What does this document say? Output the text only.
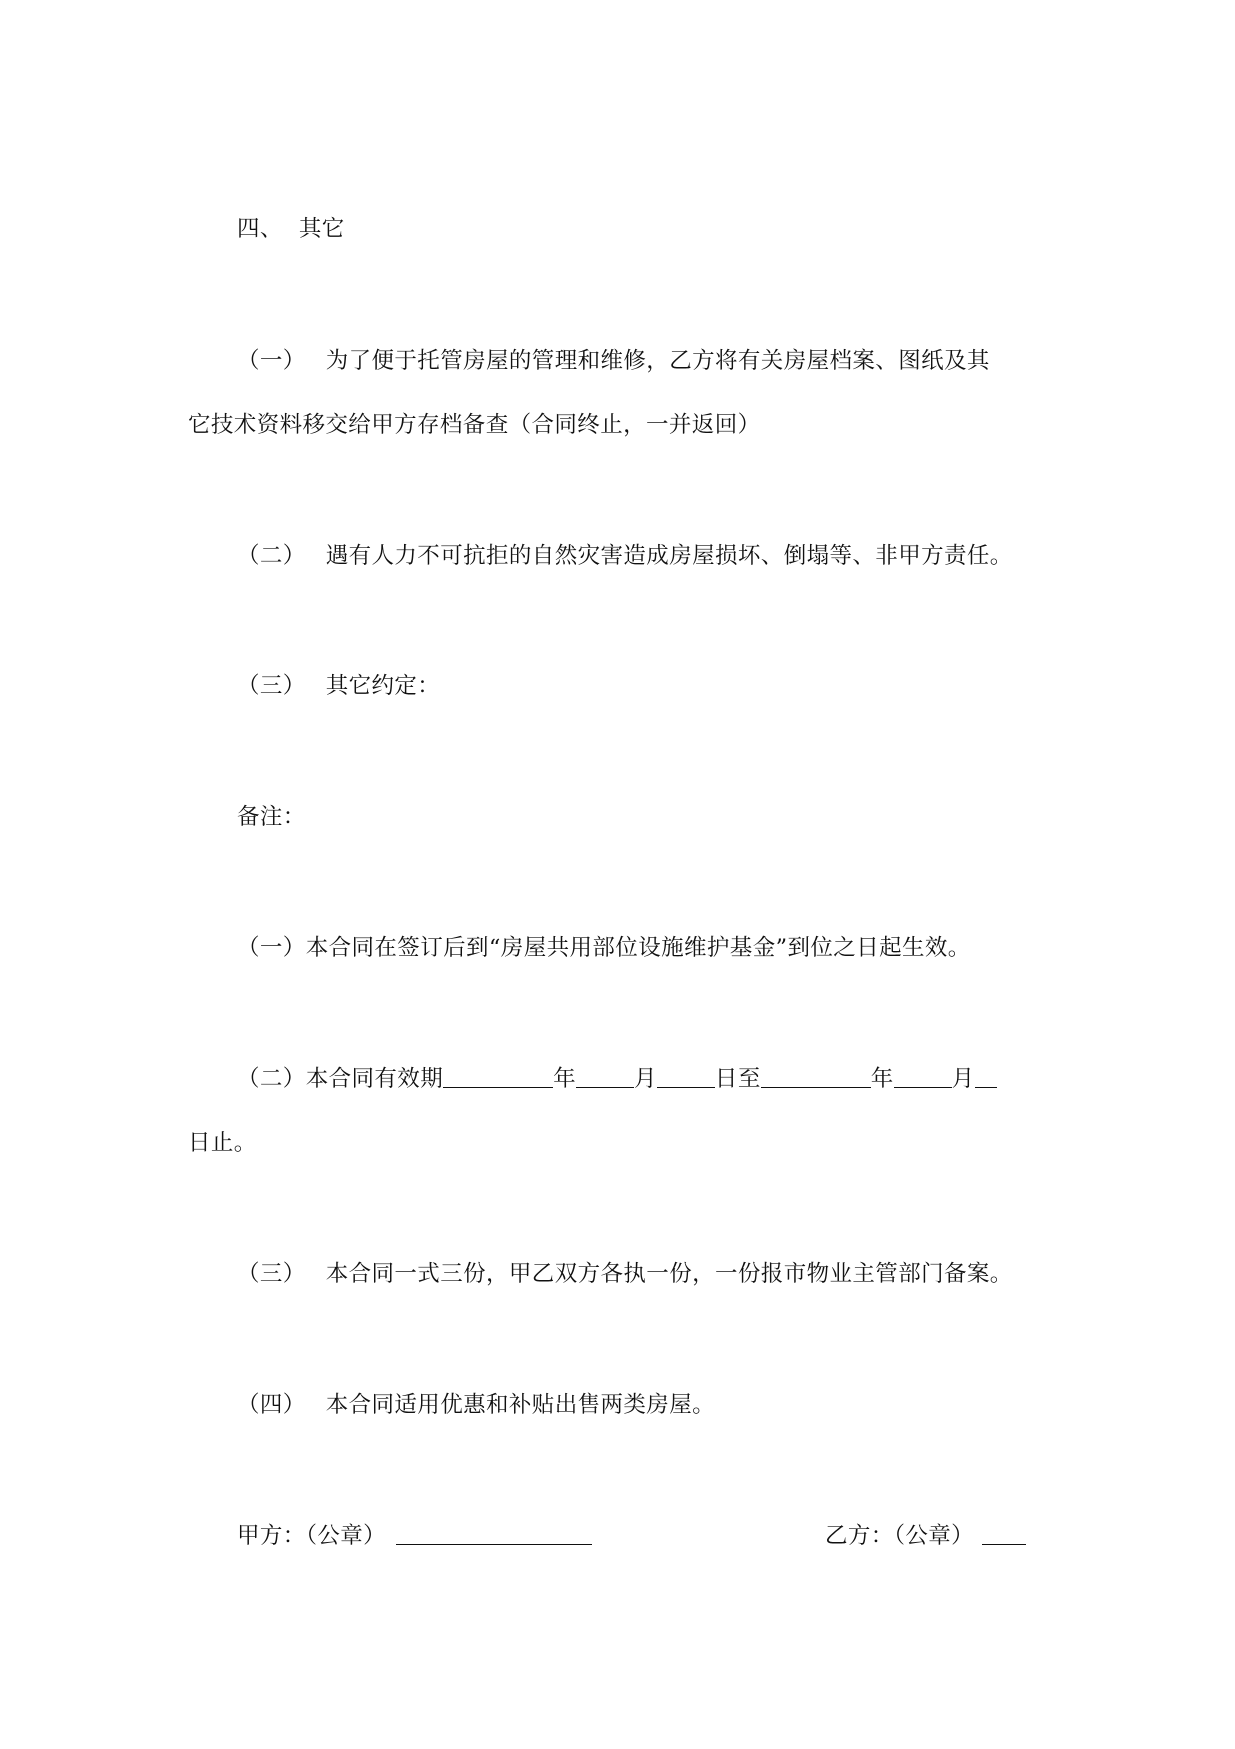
四、 其它
（一） 为了便于托管房屋的管理和维修，乙方将有关房屋档案、图纸及其
它技术资料移交给甲方存档备查（合同终止，一并返回）
（二） 遇有人力不可抗拒的自然灾害造成房屋损坏、倒塌等、非甲方责任。
（三） 其它约定：
备注：
（一）本合同在签订后到“房屋共用部位设施维护基金”到位之日起生效。
（二）本合同有效期	年	月	日至	年	月
日止。
（三） 本合同一式三份，甲乙双方各执一份，一份报市物业主管部门备案。
（四） 本合同适用优惠和补贴出售两类房屋。
甲方：（公章）	乙方：（公章）
